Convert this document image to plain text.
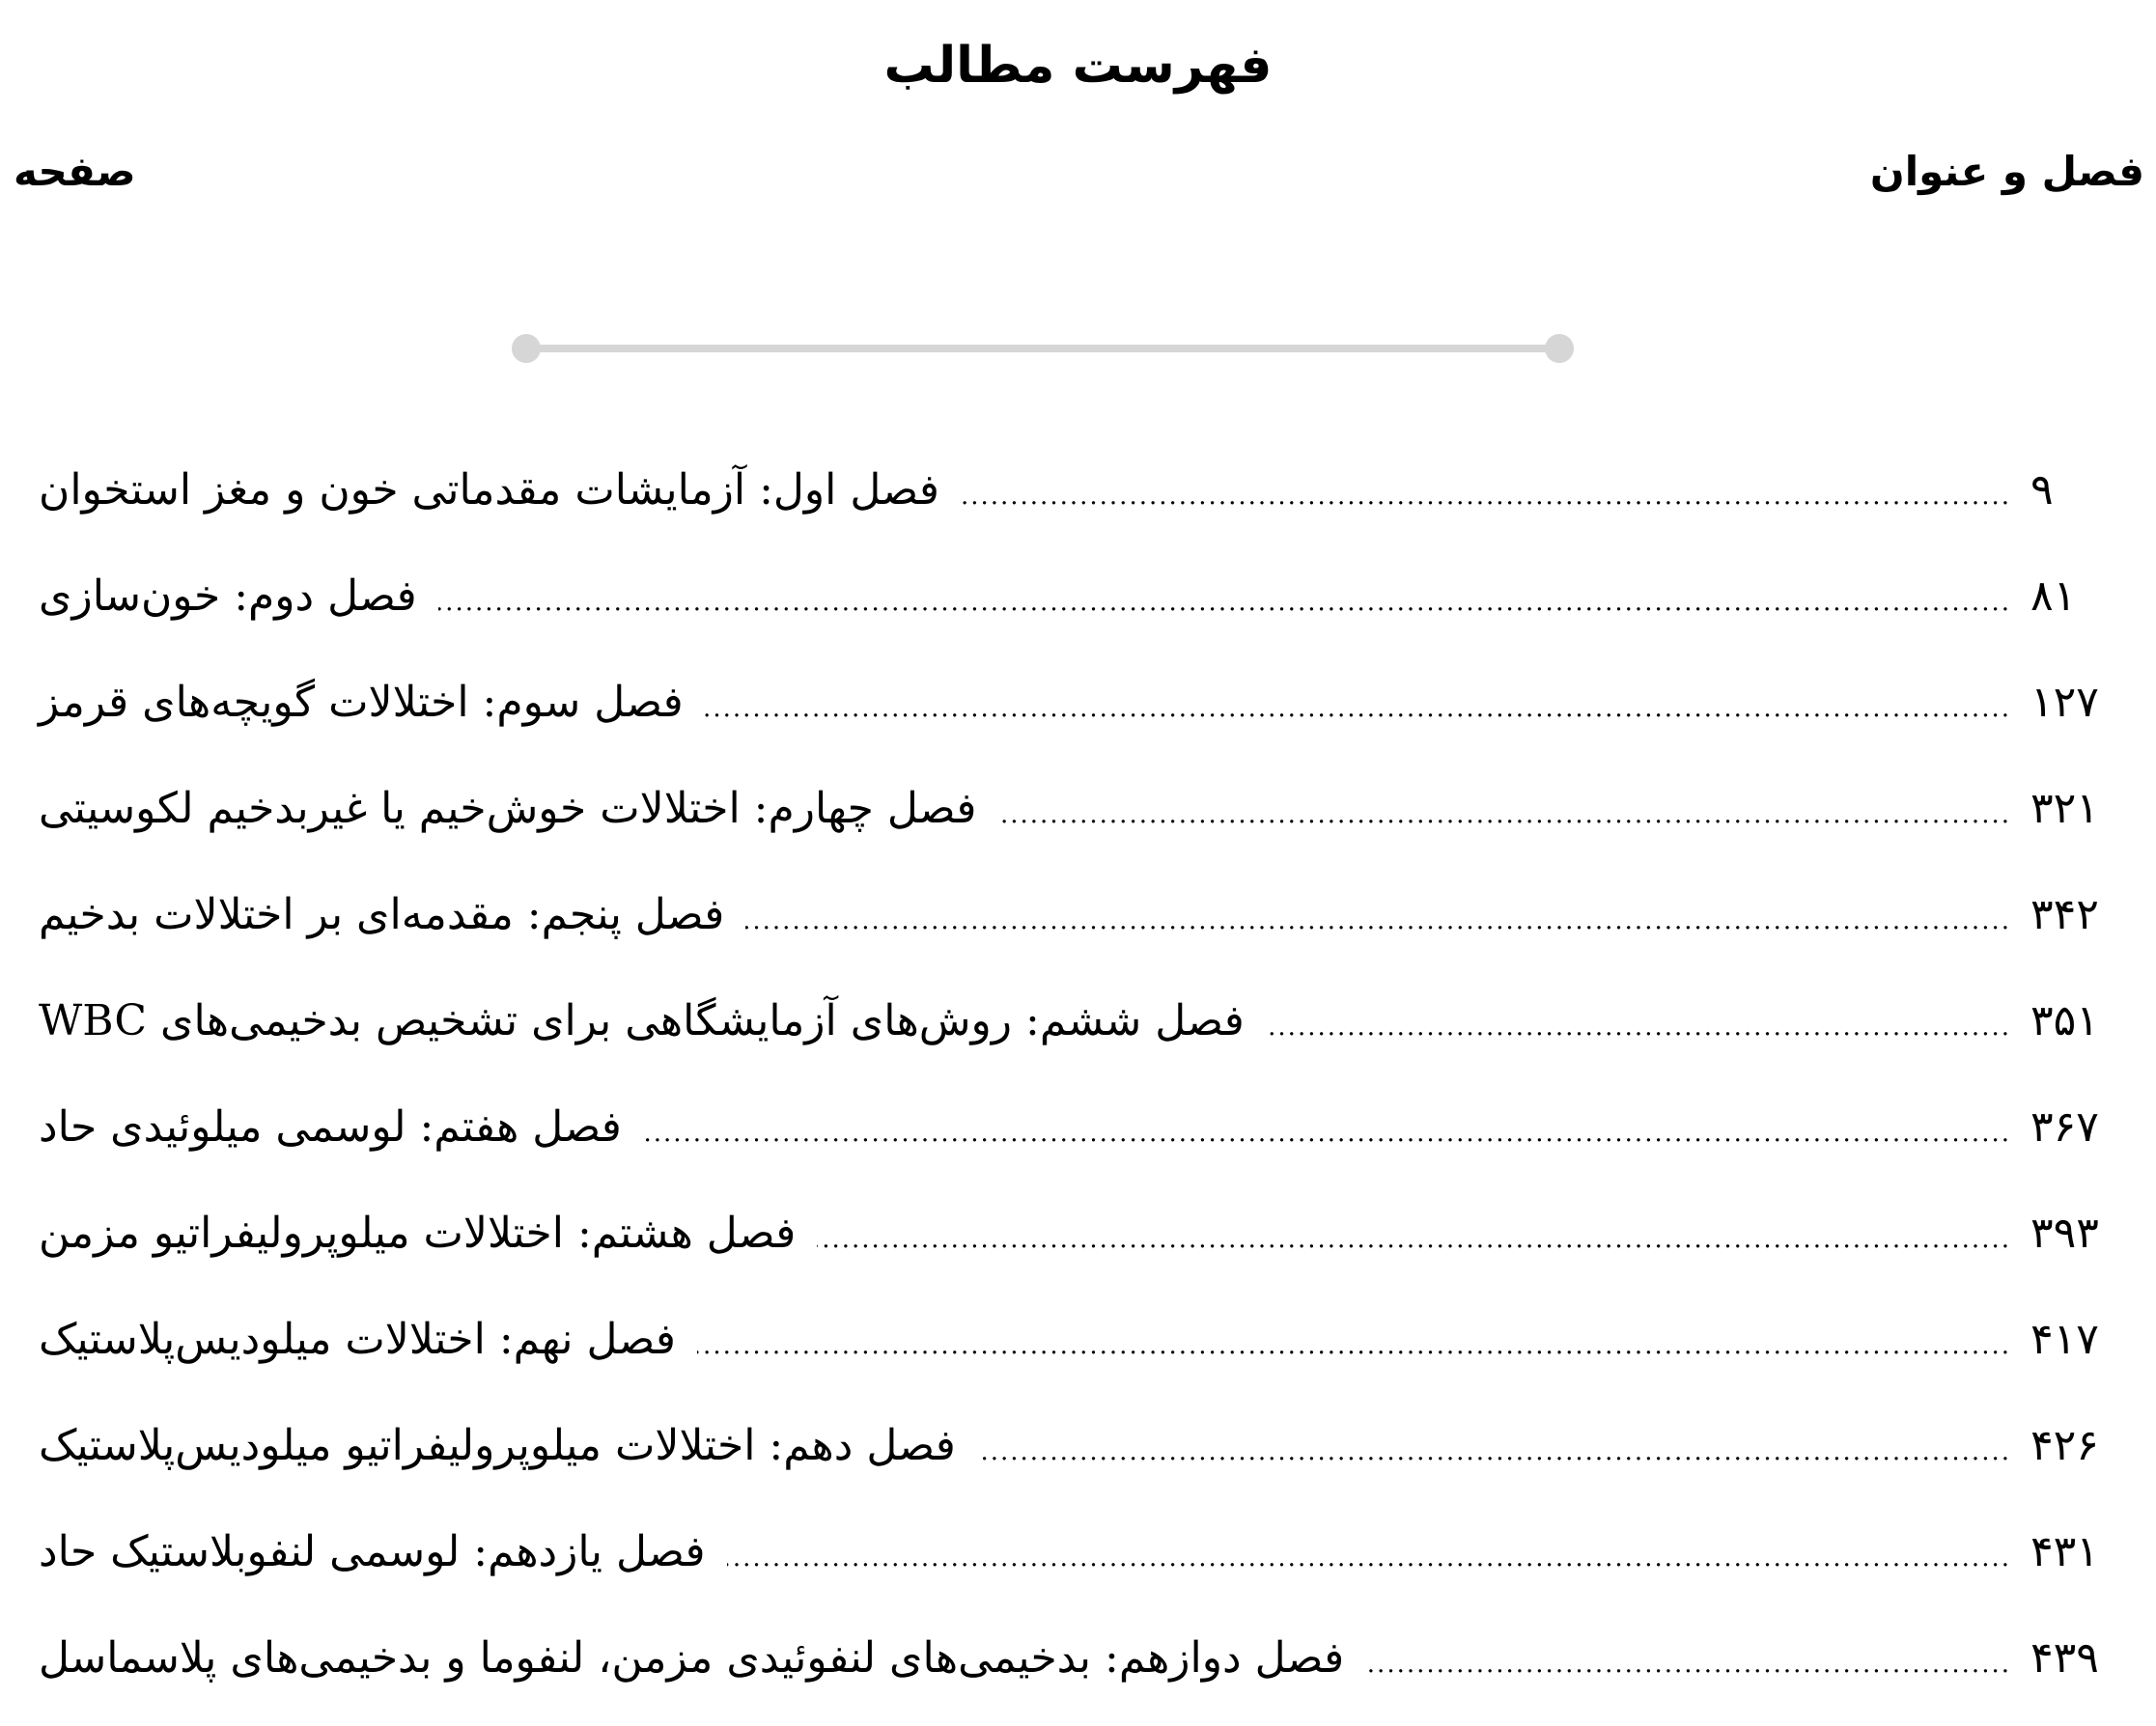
فهرست مطالب
فصل و عنوان
صفحه
فصل اول: آزمایشات مقدماتی خون و مغز استخوان .....	۹
فصل دوم: خون‌سازی .....	۸۱
فصل سوم: اختلالات گویچه‌های قرمز .....	۱۲۷
فصل چهارم: اختلالات خوش‌خیم یا غیربدخیم لکوسیتی .....	۳۲۱
فصل پنجم: مقدمه‌ای بر اختلالات بدخیم .....	۳۴۲
فصل ششم: روش‌های آزمایشگاهی برای تشخیص بدخیمی‌های WBC .....	۳۵۱
فصل هفتم: لوسمی میلوئیدی حاد .....	۳۶۷
فصل هشتم: اختلالات میلوپرولیفراتیو مزمن .....	۳۹۳
فصل نهم: اختلالات میلودیس‌پلاستیک .....	۴۱۷
فصل دهم: اختلالات میلوپرولیفراتیو میلودیس‌پلاستیک .....	۴۲۶
فصل یازدهم: لوسمی لنفوبلاستیک حاد .....	۴۳۱
فصل دوازهم: بدخیمی‌های لنفوئیدی مزمن، لنفوما و بدخیمی‌های پلاسماسل .....	۴۳۹
